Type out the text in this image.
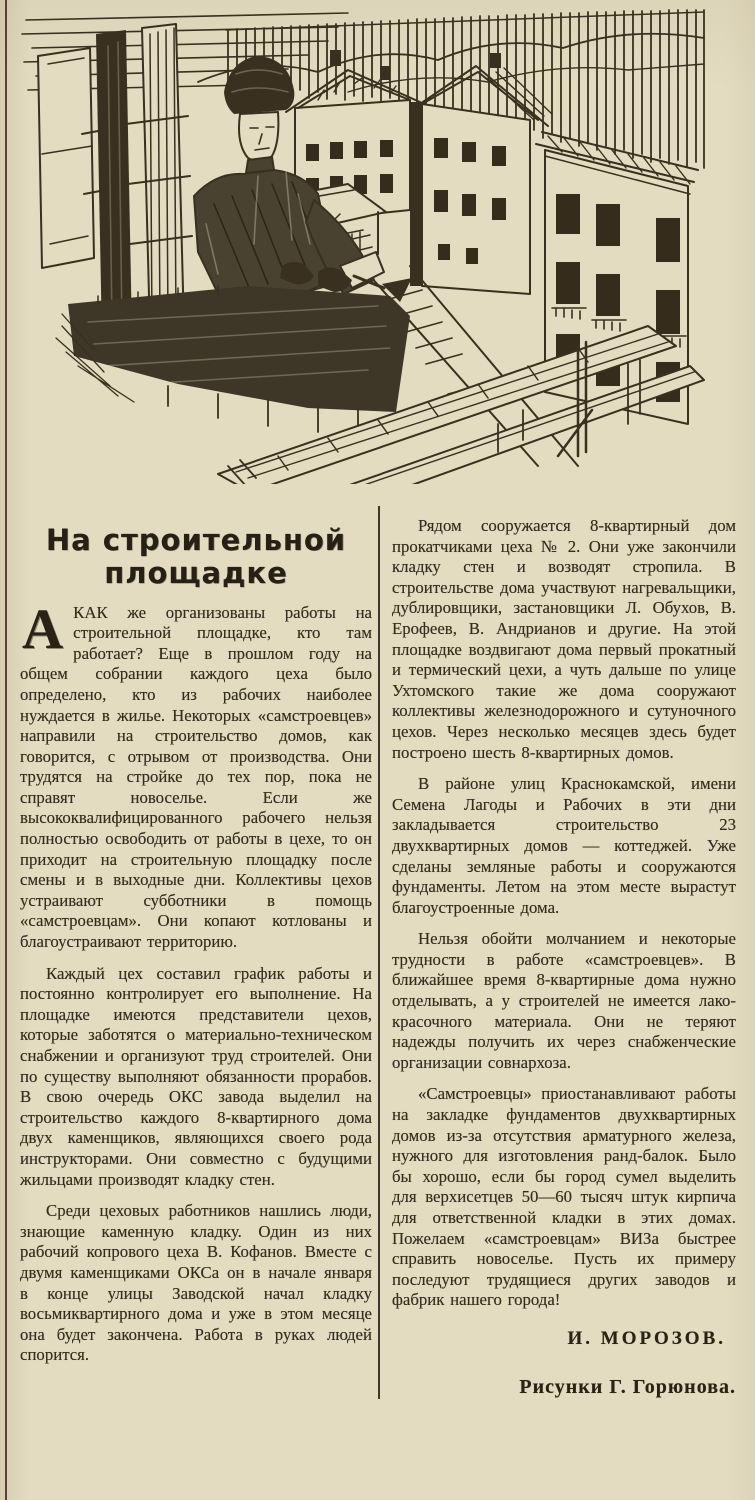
На строительной
площадке

АКАК же организованы работы на строительной площадке, кто там работает? Еще в прошлом году на общем собрании каждого цеха было определено, кто из рабочих наиболее нуждается в жилье. Некоторых «самстроевцев» направили на строительство домов, как говорится, с отрывом от производства. Они трудятся на стройке до тех пор, пока не справят новоселье. Если же высококвалифицированного рабочего нельзя полностью освободить от работы в цехе, то он приходит на строительную площадку после смены и в выходные дни. Коллективы цехов устраивают субботники в помощь «самстроевцам». Они копают котлованы и благоустраивают территорию.

Каждый цех составил график работы и постоянно контролирует его выполнение. На площадке имеются представители цехов, которые заботятся о материально-техническом снабжении и организуют труд строителей. Они по существу выполняют обязанности прорабов. В свою очередь ОКС завода выделил на строительство каждого 8-квартирного дома двух каменщиков, являющихся своего рода инструкторами. Они совместно с будущими жильцами производят кладку стен.

Среди цеховых работников нашлись люди, знающие каменную кладку. Один из них рабочий копрового цеха В. Кофанов. Вместе с двумя каменщиками ОКСа он в начале января в конце улицы Заводской начал кладку восьмиквартирного дома и уже в этом месяце она будет закончена. Работа в руках людей спорится.

Рядом сооружается 8-квартирный дом прокатчиками цеха № 2. Они уже закончили кладку стен и возводят стропила. В строительстве дома участвуют нагревальщики, дублировщики, застановщики Л. Обухов, В. Ерофеев, В. Андрианов и другие. На этой площадке воздвигают дома первый прокатный и термический цехи, а чуть дальше по улице Ухтомского такие же дома сооружают коллективы железнодорожного и сутуночного цехов. Через несколько месяцев здесь будет построено шесть 8-квартирных домов.

В районе улиц Краснокамской, имени Семена Лагоды и Рабочих в эти дни закладывается строительство 23 двухквартирных домов — коттеджей. Уже сделаны земляные работы и сооружаются фундаменты. Летом на этом месте вырастут благоустроенные дома.

Нельзя обойти молчанием и некоторые трудности в работе «самстроевцев». В ближайшее время 8-квартирные дома нужно отделывать, а у строителей не имеется лако-красочного материала. Они не теряют надежды получить их через снабженческие организации совнархоза.

«Самстроевцы» приостанавливают работы на закладке фундаментов двухквартирных домов из-за отсутствия арматурного железа, нужного для изготовления ранд-балок. Было бы хорошо, если бы город сумел выделить для верхисетцев 50—60 тысяч штук кирпича для ответственной кладки в этих домах. Пожелаем «самстроевцам» ВИЗа быстрее справить новоселье. Пусть их примеру последуют трудящиеся других заводов и фабрик нашего города!

И. МОРОЗОВ.
Рисунки Г. Горюнова.
